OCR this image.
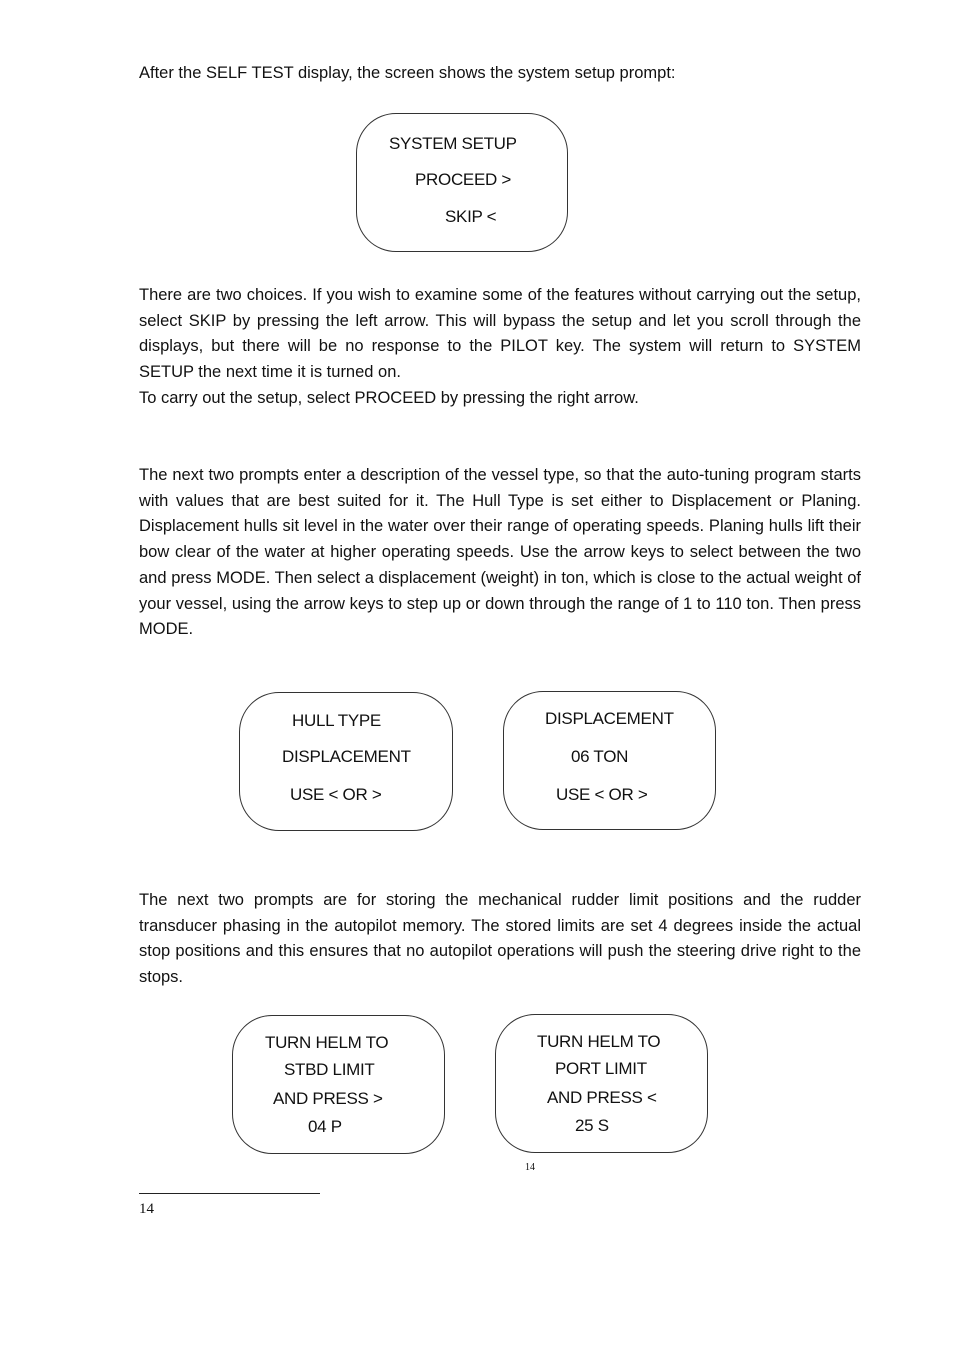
After the SELF TEST display, the screen shows the system setup prompt:

SYSTEM SETUP
PROCEED >
SKIP <

There are two choices. If you wish to examine some of the features without carrying out the setup, select SKIP by pressing the left arrow. This will bypass the setup and let you scroll through the displays, but there will be no response to the PILOT key. The system will return to SYSTEM SETUP the next time it is turned on.

To carry out the setup, select PROCEED by pressing the right arrow.

The next two prompts enter a description of the vessel type, so that the auto-tuning program starts with values that are best suited for it. The Hull Type is set either to Displacement or Planing. Displacement hulls sit level in the water over their range of operating speeds. Planing hulls lift their bow clear of the water at higher operating speeds. Use the arrow keys to select between the two and press MODE. Then select a displacement (weight) in ton, which is close to the actual weight of your vessel, using the arrow keys to step up or down through the range of 1 to 110 ton. Then press MODE.

HULL TYPE
DISPLACEMENT
USE < OR >
DISPLACEMENT
06 TON
USE < OR >

The next two prompts are for storing the mechanical rudder limit positions and the rudder transducer phasing in the autopilot memory. The stored limits are set 4 degrees inside the actual stop positions and this ensures that no autopilot operations will push the steering drive right to the stops.

TURN HELM TO
STBD LIMIT
AND PRESS >
04 P
TURN HELM TO
PORT LIMIT
AND PRESS <
25 S
14
14
